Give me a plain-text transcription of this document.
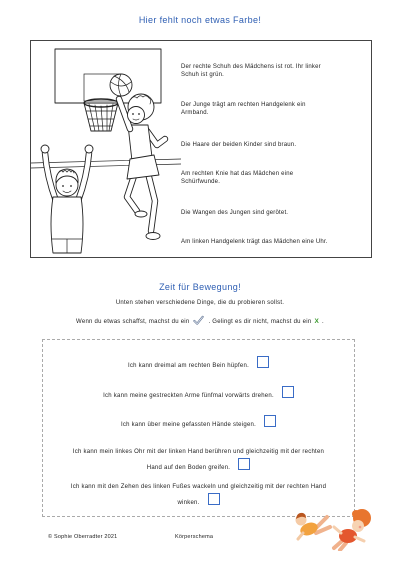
Hier fehlt noch etwas Farbe!
Der rechte Schuh des Mädchens ist rot. Ihr linker
Schuh ist grün.
Der Junge trägt am rechten Handgelenk ein
Armband.
Die Haare der beiden Kinder sind braun.
Am rechten Knie hat das Mädchen eine
Schürfwunde.
Die Wangen des Jungen sind gerötet.
Am linken Handgelenk trägt das Mädchen eine Uhr.
Zeit für Bewegung!
Unten stehen verschiedene Dinge, die du probieren sollst.
Wenn du etwas schaffst, machst du ein	. Gelingt es dir nicht, machst du ein X .
Ich kann dreimal am rechten Bein hüpfen.
Ich kann meine gestreckten Arme fünfmal vorwärts drehen.
Ich kann über meine gefassten Hände steigen.
Ich kann mein linkes Ohr mit der linken Hand berühren und gleichzeitig mit der rechten
Hand auf den Boden greifen.
Ich kann mit den Zehen des linken Fußes wackeln und gleichzeitig mit der rechten Hand
winken.
© Sophie Oberradter 2021	Körperschema
